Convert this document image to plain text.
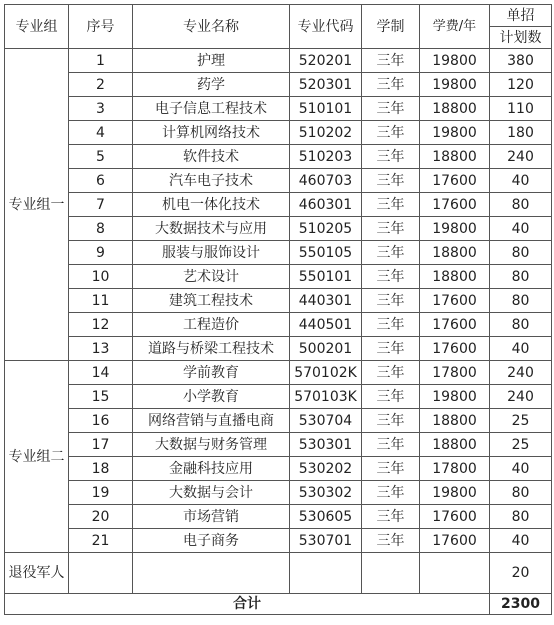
专业组	序号	专业名称	专业代码	学制	学费/年	单招
						计划数
专业组一	1	护理	520201	三年	19800	380
	2	药学	520301	三年	19800	120
	3	电子信息工程技术	510101	三年	18800	110
	4	计算机网络技术	510202	三年	19800	180
	5	软件技术	510203	三年	18800	240
	6	汽车电子技术	460703	三年	17600	40
	7	机电一体化技术	460301	三年	17600	80
	8	大数据技术与应用	510205	三年	19800	40
	9	服装与服饰设计	550105	三年	18800	80
	10	艺术设计	550101	三年	18800	80
	11	建筑工程技术	440301	三年	17600	80
	12	工程造价	440501	三年	17600	80
	13	道路与桥梁工程技术	500201	三年	17600	40
专业组二	14	学前教育	570102K	三年	17800	240
	15	小学教育	570103K	三年	19800	240
	16	网络营销与直播电商	530704	三年	18800	25
	17	大数据与财务管理	530301	三年	18800	25
	18	金融科技应用	530202	三年	17800	40
	19	大数据与会计	530302	三年	19800	80
	20	市场营销	530605	三年	17600	80
	21	电子商务	530701	三年	17600	40
退役军人						20
合计						2300
